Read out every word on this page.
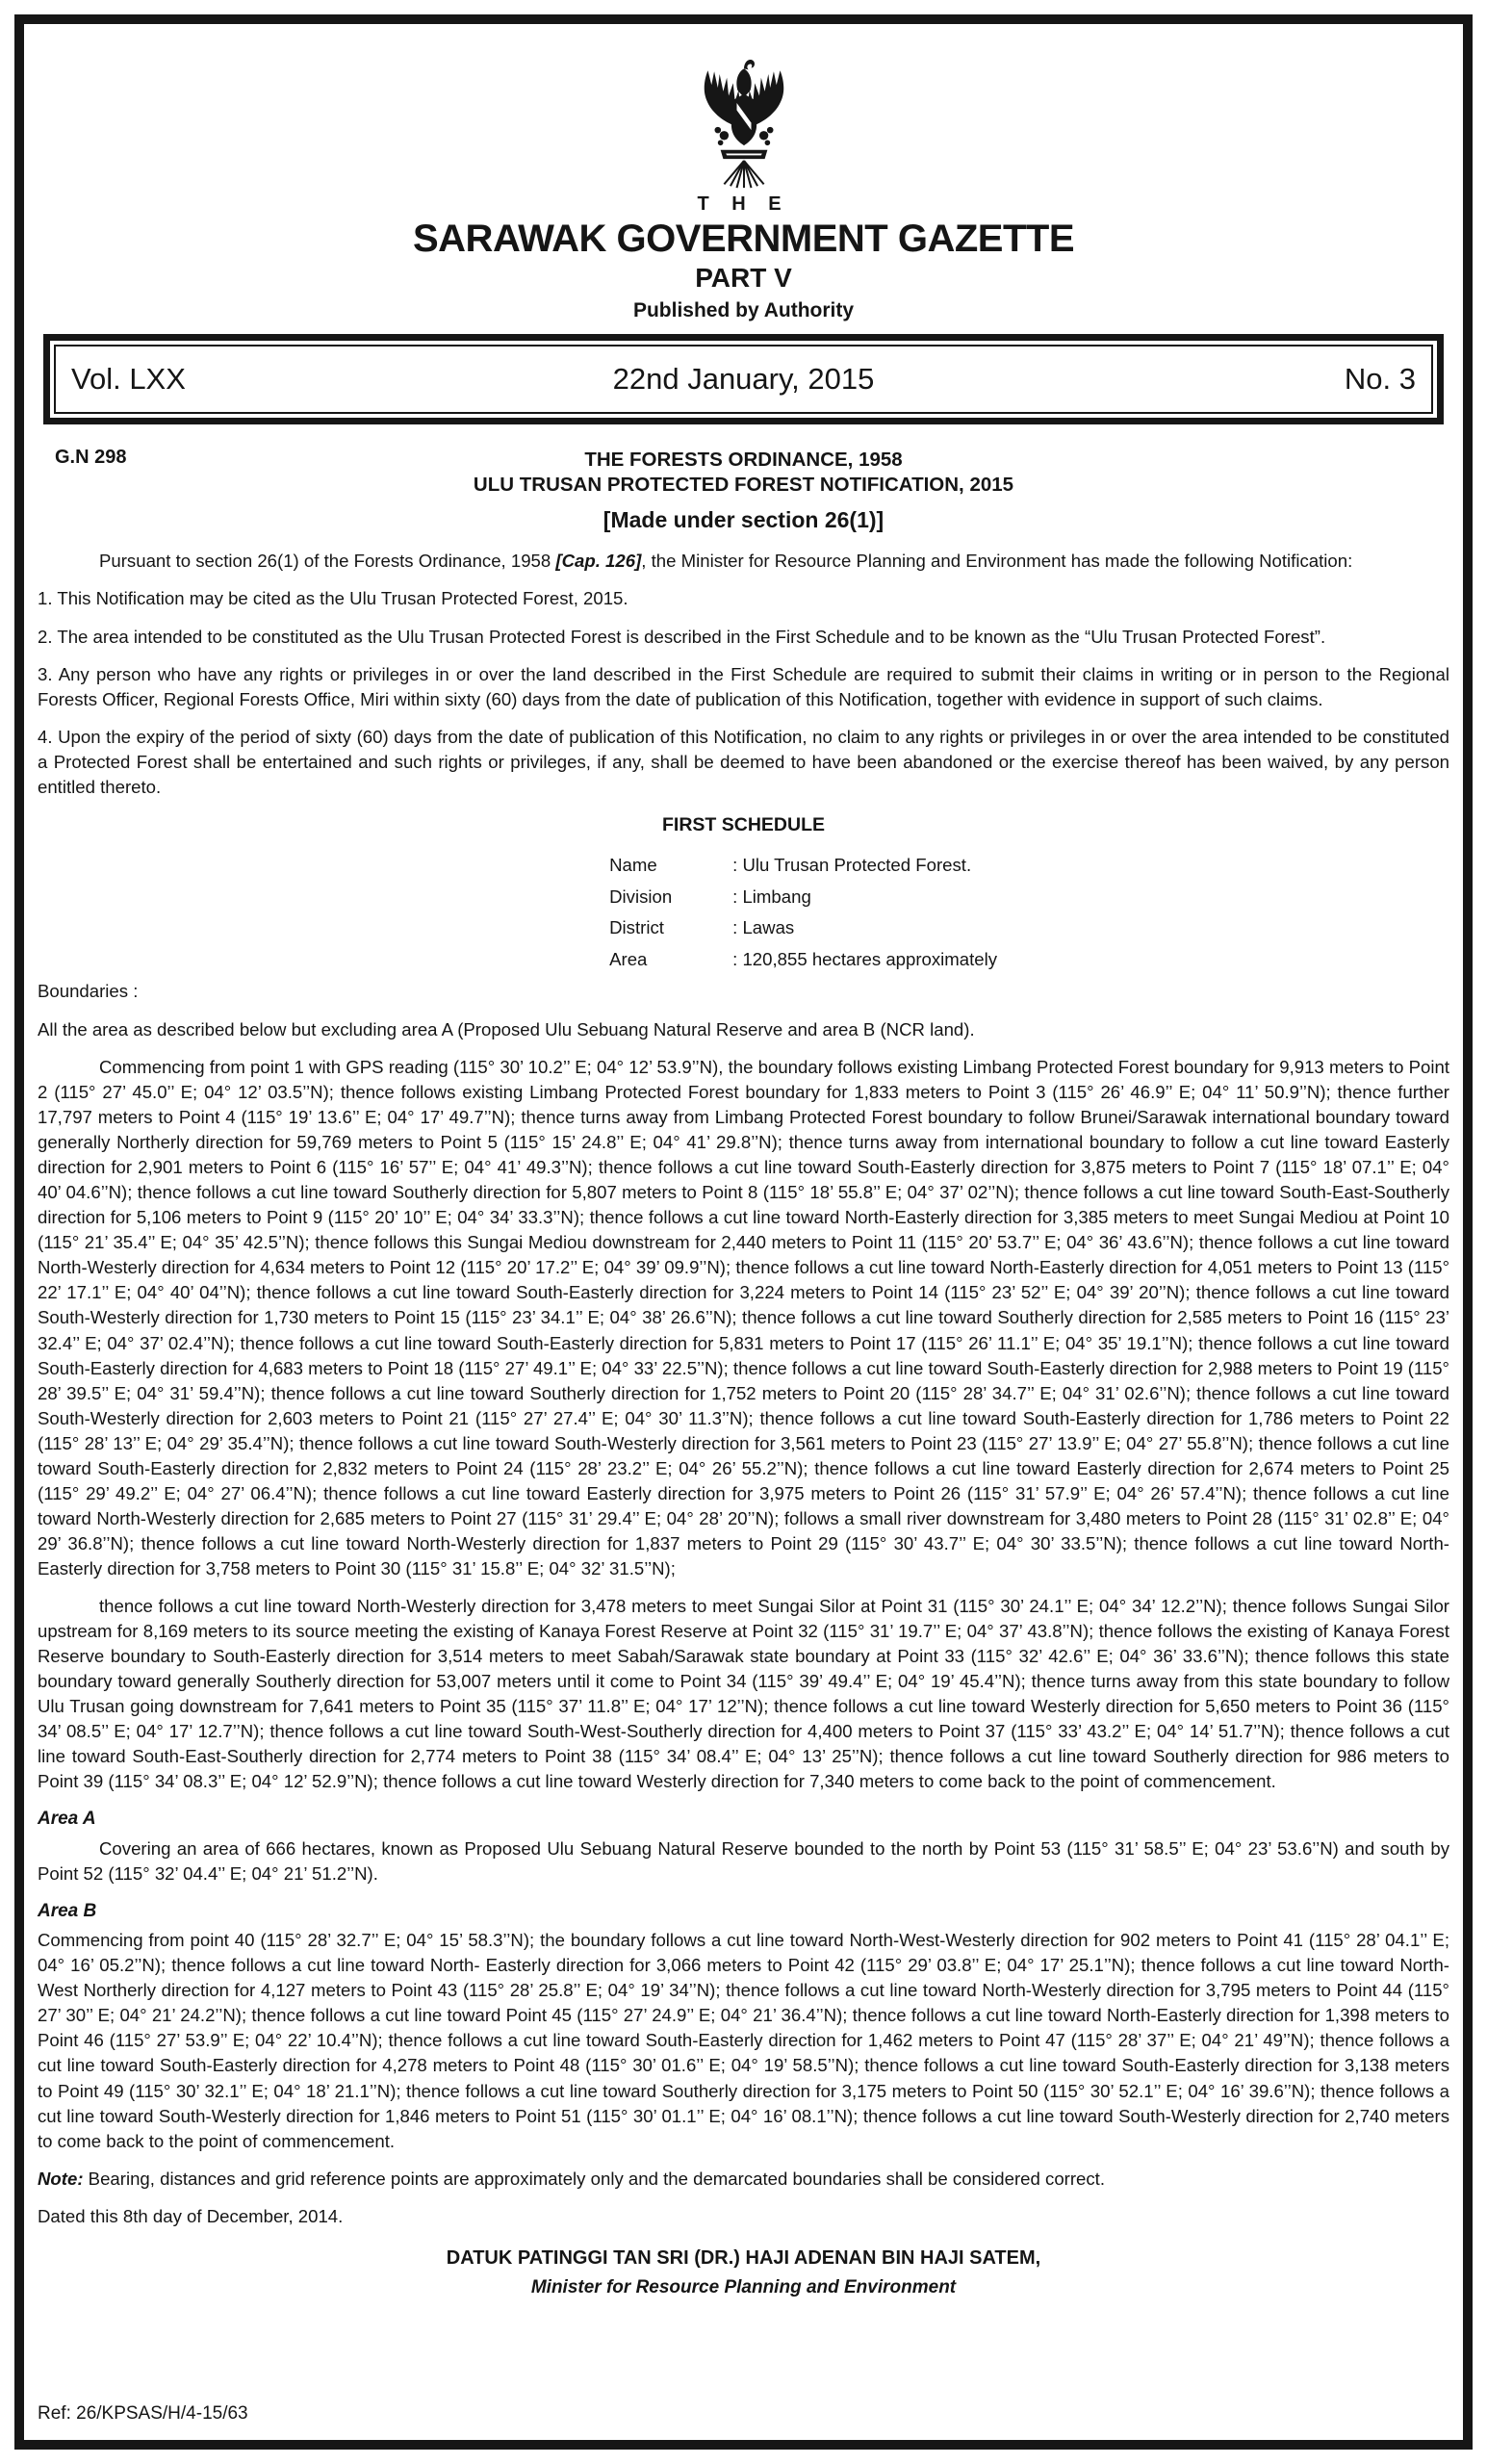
T H E
SARAWAK GOVERNMENT GAZETTE
PART V
Published by Authority
Vol. LXX	22nd January, 2015	No. 3
G.N 298	THE FORESTS ORDINANCE, 1958
ULU TRUSAN PROTECTED FOREST NOTIFICATION, 2015
[Made under section 26(1)]

Pursuant to section 26(1) of the Forests Ordinance, 1958 [Cap. 126], the Minister for Resource Planning and Environment has made the following Notification:

1. This Notification may be cited as the Ulu Trusan Protected Forest, 2015.

2. The area intended to be constituted as the Ulu Trusan Protected Forest is described in the First Schedule and to be known as the “Ulu Trusan Protected Forest”.

3. Any person who have any rights or privileges in or over the land described in the First Schedule are required to submit their claims in writing or in person to the Regional Forests Officer, Regional Forests Office, Miri within sixty (60) days from the date of publication of this Notification, together with evidence in support of such claims.

4. Upon the expiry of the period of sixty (60) days from the date of publication of this Notification, no claim to any rights or privileges in or over the area intended to be constituted a Protected Forest shall be entertained and such rights or privileges, if any, shall be deemed to have been abandoned or the exercise thereof has been waived, by any person entitled thereto.

FIRST SCHEDULE
Name	: Ulu Trusan Protected Forest.
Division	: Limbang
District	: Lawas
Area	: 120,855 hectares approximately
Boundaries :

All the area as described below but excluding area A (Proposed Ulu Sebuang Natural Reserve and area B (NCR land).

Commencing from point 1 with GPS reading (115° 30’ 10.2’’ E; 04° 12’ 53.9’’N), the boundary follows existing Limbang Protected Forest boundary for 9,913 meters to Point 2 (115° 27’ 45.0’’ E; 04° 12’ 03.5’’N); thence follows existing Limbang Protected Forest boundary for 1,833 meters to Point 3 (115° 26’ 46.9’’ E; 04° 11’ 50.9’’N); thence further 17,797 meters to Point 4 (115° 19’ 13.6’’ E; 04° 17’ 49.7’’N); thence turns away from Limbang Protected Forest boundary to follow Brunei/Sarawak international boundary toward generally Northerly direction for 59,769 meters to Point 5 (115° 15’ 24.8’’ E; 04° 41’ 29.8’’N); thence turns away from international boundary to follow a cut line toward Easterly direction for 2,901 meters to Point 6 (115° 16’ 57’’ E; 04° 41’ 49.3’’N); thence follows a cut line toward South-Easterly direction for 3,875 meters to Point 7 (115° 18’ 07.1’’ E; 04° 40’ 04.6’’N); thence follows a cut line toward Southerly direction for 5,807 meters to Point 8 (115° 18’ 55.8’’ E; 04° 37’ 02’’N); thence follows a cut line toward South-East-Southerly direction for 5,106 meters to Point 9 (115° 20’ 10’’ E; 04° 34’ 33.3’’N); thence follows a cut line toward North-Easterly direction for 3,385 meters to meet Sungai Mediou at Point 10 (115° 21’ 35.4’’ E; 04° 35’ 42.5’’N); thence follows this Sungai Mediou downstream for 2,440 meters to Point 11 (115° 20’ 53.7’’ E; 04° 36’ 43.6’’N); thence follows a cut line toward North-Westerly direction for 4,634 meters to Point 12 (115° 20’ 17.2’’ E; 04° 39’ 09.9’’N); thence follows a cut line toward North-Easterly direction for 4,051 meters to Point 13 (115° 22’ 17.1’’ E; 04° 40’ 04’’N); thence follows a cut line toward South-Easterly direction for 3,224 meters to Point 14 (115° 23’ 52’’ E; 04° 39’ 20’’N); thence follows a cut line toward South-Westerly direction for 1,730 meters to Point 15 (115° 23’ 34.1’’ E; 04° 38’ 26.6’’N); thence follows a cut line toward Southerly direction for 2,585 meters to Point 16 (115° 23’ 32.4’’ E; 04° 37’ 02.4’’N); thence follows a cut line toward South-Easterly direction for 5,831 meters to Point 17 (115° 26’ 11.1’’ E; 04° 35’ 19.1’’N); thence follows a cut line toward South-Easterly direction for 4,683 meters to Point 18 (115° 27’ 49.1’’ E; 04° 33’ 22.5’’N); thence follows a cut line toward South-Easterly direction for 2,988 meters to Point 19 (115° 28’ 39.5’’ E; 04° 31’ 59.4’’N); thence follows a cut line toward Southerly direction for 1,752 meters to Point 20 (115° 28’ 34.7’’ E; 04° 31’ 02.6’’N); thence follows a cut line toward South-Westerly direction for 2,603 meters to Point 21 (115° 27’ 27.4’’ E; 04° 30’ 11.3’’N); thence follows a cut line toward South-Easterly direction for 1,786 meters to Point 22 (115° 28’ 13’’ E; 04° 29’ 35.4’’N); thence follows a cut line toward South-Westerly direction for 3,561 meters to Point 23 (115° 27’ 13.9’’ E; 04° 27’ 55.8’’N); thence follows a cut line toward South-Easterly direction for 2,832 meters to Point 24 (115° 28’ 23.2’’ E; 04° 26’ 55.2’’N); thence follows a cut line toward Easterly direction for 2,674 meters to Point 25 (115° 29’ 49.2’’ E; 04° 27’ 06.4’’N); thence follows a cut line toward Easterly direction for 3,975 meters to Point 26 (115° 31’ 57.9’’ E; 04° 26’ 57.4’’N); thence follows a cut line toward North-Westerly direction for 2,685 meters to Point 27 (115° 31’ 29.4’’ E; 04° 28’ 20’’N); follows a small river downstream for 3,480 meters to Point 28 (115° 31’ 02.8’’ E; 04° 29’ 36.8’’N); thence follows a cut line toward North-Westerly direction for 1,837 meters to Point 29 (115° 30’ 43.7’’ E; 04° 30’ 33.5’’N); thence follows a cut line toward North-Easterly direction for 3,758 meters to Point 30 (115° 31’ 15.8’’ E; 04° 32’ 31.5’’N);

thence follows a cut line toward North-Westerly direction for 3,478 meters to meet Sungai Silor at Point 31 (115° 30’ 24.1’’ E; 04° 34’ 12.2’’N); thence follows Sungai Silor upstream for 8,169 meters to its source meeting the existing of Kanaya Forest Reserve at Point 32 (115° 31’ 19.7’’ E; 04° 37’ 43.8’’N); thence follows the existing of Kanaya Forest Reserve boundary to South-Easterly direction for 3,514 meters to meet Sabah/Sarawak state boundary at Point 33 (115° 32’ 42.6’’ E; 04° 36’ 33.6’’N); thence follows this state boundary toward generally Southerly direction for 53,007 meters until it come to Point 34 (115° 39’ 49.4’’ E; 04° 19’ 45.4’’N); thence turns away from this state boundary to follow Ulu Trusan going downstream for 7,641 meters to Point 35 (115° 37’ 11.8’’ E; 04° 17’ 12’’N); thence follows a cut line toward Westerly direction for 5,650 meters to Point 36 (115° 34’ 08.5’’ E; 04° 17’ 12.7’’N); thence follows a cut line toward South-West-Southerly direction for 4,400 meters to Point 37 (115° 33’ 43.2’’ E; 04° 14’ 51.7’’N); thence follows a cut line toward South-East-Southerly direction for 2,774 meters to Point 38 (115° 34’ 08.4’’ E; 04° 13’ 25’’N); thence follows a cut line toward Southerly direction for 986 meters to Point 39 (115° 34’ 08.3’’ E; 04° 12’ 52.9’’N); thence follows a cut line toward Westerly direction for 7,340 meters to come back to the point of commencement.

Area A

Covering an area of 666 hectares, known as Proposed Ulu Sebuang Natural Reserve bounded to the north by Point 53 (115° 31’ 58.5’’ E; 04° 23’ 53.6’’N) and south by Point 52 (115° 32’ 04.4’’ E; 04° 21’ 51.2’’N).

Area B

Commencing from point 40 (115° 28’ 32.7’’ E; 04° 15’ 58.3’’N); the boundary follows a cut line toward North-West-Westerly direction for 902 meters to Point 41 (115° 28’ 04.1’’ E; 04° 16’ 05.2’’N); thence follows a cut line toward North- Easterly direction for 3,066 meters to Point 42 (115° 29’ 03.8’’ E; 04° 17’ 25.1’’N); thence follows a cut line toward North-West Northerly direction for 4,127 meters to Point 43 (115° 28’ 25.8’’ E; 04° 19’ 34’’N); thence follows a cut line toward North-Westerly direction for 3,795 meters to Point 44 (115° 27’ 30’’ E; 04° 21’ 24.2’’N); thence follows a cut line toward Point 45 (115° 27’ 24.9’’ E; 04° 21’ 36.4’’N); thence follows a cut line toward North-Easterly direction for 1,398 meters to Point 46 (115° 27’ 53.9’’ E; 04° 22’ 10.4’’N); thence follows a cut line toward South-Easterly direction for 1,462 meters to Point 47 (115° 28’ 37’’ E; 04° 21’ 49’’N); thence follows a cut line toward South-Easterly direction for 4,278 meters to Point 48 (115° 30’ 01.6’’ E; 04° 19’ 58.5’’N); thence follows a cut line toward South-Easterly direction for 3,138 meters to Point 49 (115° 30’ 32.1’’ E; 04° 18’ 21.1’’N); thence follows a cut line toward Southerly direction for 3,175 meters to Point 50 (115° 30’ 52.1’’ E; 04° 16’ 39.6’’N); thence follows a cut line toward South-Westerly direction for 1,846 meters to Point 51 (115° 30’ 01.1’’ E; 04° 16’ 08.1’’N); thence follows a cut line toward South-Westerly direction for 2,740 meters to come back to the point of commencement.

Note: Bearing, distances and grid reference points are approximately only and the demarcated boundaries shall be considered correct.

Dated this 8th day of December, 2014.

DATUK PATINGGI TAN SRI (DR.) HAJI ADENAN BIN HAJI SATEM,
Minister for Resource Planning and Environment
Ref: 26/KPSAS/H/4-15/63
